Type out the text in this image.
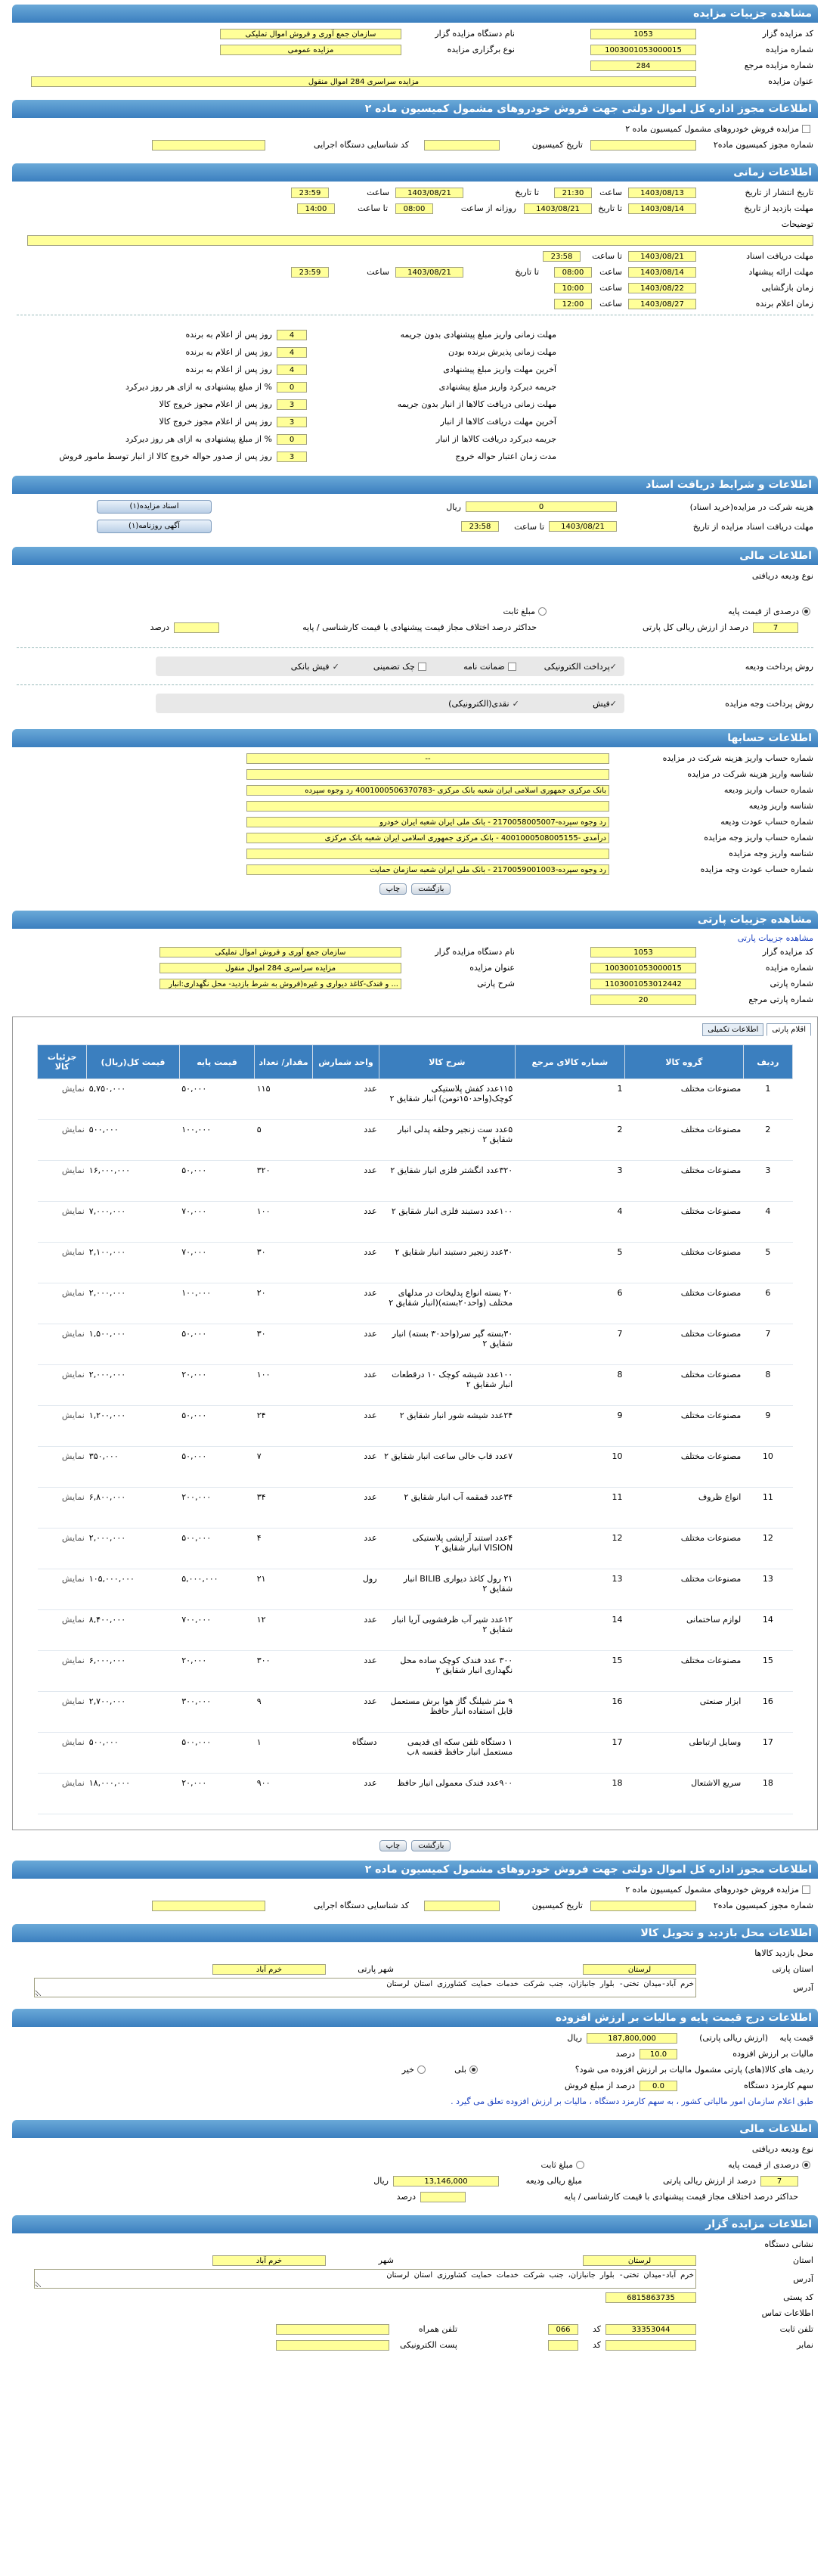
مشاهده جزییات مزایده
کد مزایده گزار
1053
نام دستگاه مزایده گزار
سازمان جمع آوری و فروش اموال تملیکی
شماره مزایده
1003001053000015
نوع برگزاری مزایده
مزایده عمومی
شماره مزایده مرجع
284
عنوان مزایده
مزایده سراسری 284 اموال منقول
اطلاعات مجوز اداره کل اموال دولتی جهت فروش خودروهای مشمول کمیسیون ماده ۲
مزایده فروش خودروهای مشمول کمیسیون ماده ۲
شماره مجوز کمیسیون ماده۲
تاریخ کمیسیون
کد شناسایی دستگاه اجرایی
اطلاعات زمانی
تاریخ انتشار از تاریخ
1403/08/13
ساعت
21:30
تا تاریخ
1403/08/21
ساعت
23:59
مهلت بازدید از تاریخ
1403/08/14
تا تاریخ
1403/08/21
روزانه از ساعت
08:00
تا ساعت
14:00
توضیحات
مهلت دریافت اسناد
1403/08/21
تا ساعت
23:58
مهلت ارائه پیشنهاد
1403/08/14
ساعت
08:00
تا تاریخ
1403/08/21
ساعت
23:59
زمان بازگشایی
1403/08/22
ساعت
10:00
زمان اعلام برنده
1403/08/27
ساعت
12:00
مهلت زمانی واریز مبلغ پیشنهادی بدون جریمه
4
روز پس از اعلام به برنده
مهلت زمانی پذیرش برنده بودن
4
روز پس از اعلام به برنده
آخرین مهلت واریز مبلغ پیشنهادی
4
روز پس از اعلام به برنده
جریمه دیرکرد واریز مبلغ پیشنهادی
0
% از مبلغ پیشنهادی به ازای هر روز دیرکرد
مهلت زمانی دریافت کالاها از انبار بدون جریمه
3
روز پس از اعلام مجوز خروج کالا
آخرین مهلت دریافت کالاها از انبار
3
روز پس از اعلام مجوز خروج کالا
جریمه دیرکرد دریافت کالاها از انبار
0
% از مبلغ پیشنهادی به ازای هر روز دیرکرد
مدت زمان اعتبار حواله خروج
3
روز پس از صدور حواله خروج کالا از انبار توسط مامور فروش
اطلاعات و شرایط دریافت اسناد
هزینه شرکت در مزایده(خرید اسناد)
0
ریال
اسناد مزایده(۱)
مهلت دریافت اسناد مزایده از تاریخ
1403/08/21
تا ساعت
23:58
آگهی روزنامه(۱)
اطلاعات مالی
نوع ودیعه دریافتی
درصدی از قیمت پایه
مبلغ ثابت
7
درصد از ارزش ریالی کل پارتی
حداکثر درصد اختلاف مجاز قیمت پیشنهادی با قیمت کارشناسی / پایه
درصد
روش پرداخت ودیعه
✓
پرداخت الکترونیکی
ضمانت نامه
چک تضمینی
✓
فیش بانکی
روش پرداخت وجه مزایده
✓
فیش
✓
نقدی(الکترونیکی)
اطلاعات حسابها
شماره حساب واریز هزینه شرکت در مزایده
--
شناسه واریز هزینه شرکت در مزایده
شماره حساب واریز ودیعه
بانک مرکزی جمهوری اسلامی ایران شعبه بانک مرکزی -4001000506370783 رد وجوه سپرده
شناسه واریز ودیعه
شماره حساب عودت ودیعه
رد وجوه سپرده-2170058005007 - بانک ملی ایران شعبه ایران خودرو
شماره حساب واریز وجه مزایده
درآمدی -4001000508005155 - بانک مرکزی جمهوری اسلامی ایران شعبه بانک مرکزی
شناسه واریز وجه مزایده
شماره حساب عودت وجه مزایده
رد وجوه سپرده-2170059001003 - بانک ملی ایران شعبه سازمان حمایت
بازگشت
چاپ
مشاهده جزییات پارتی
مشاهده جزییات پارتی
کد مزایده گزار
1053
نام دستگاه مزایده گزار
سازمان جمع آوری و فروش اموال تملیکی
شماره مزایده
1003001053000015
عنوان مزایده
مزایده سراسری 284 اموال منقول
شماره پارتی
1103001053012442
شرح پارتی
... و فندک-کاغذ دیواری و غیره(فروش به شرط بازدید- محل نگهداری:انبار
شماره پارتی مرجع
20
اقلام پارتیاطلاعات تکمیلی
ردیف	گروه کالا	شماره کالای مرجع	شرح کالا	واحد شمارش	مقدار/ تعداد	قیمت پایه	قیمت کل(ریال)	جزئیات کالا
1	مصنوعات مختلف	1	۱۱۵عدد کفش پلاستیکی کوچک(واحد۱۵۰تومن) انبار شقایق ۲	عدد	۱۱۵	۵۰,۰۰۰	۵,۷۵۰,۰۰۰	نمایش
2	مصنوعات مختلف	2	۵عدد ست زنجیر وحلقه پدلی انبار شقایق ۲	عدد	۵	۱۰۰,۰۰۰	۵۰۰,۰۰۰	نمایش
3	مصنوعات مختلف	3	۳۲۰عدد انگشتر فلزی انبار شقایق ۲	عدد	۳۲۰	۵۰,۰۰۰	۱۶,۰۰۰,۰۰۰	نمایش
4	مصنوعات مختلف	4	۱۰۰عدد دستبند فلزی انبار شقایق ۲	عدد	۱۰۰	۷۰,۰۰۰	۷,۰۰۰,۰۰۰	نمایش
5	مصنوعات مختلف	5	۳۰عدد زنجیر دستبند انبار شقایق ۲	عدد	۳۰	۷۰,۰۰۰	۲,۱۰۰,۰۰۰	نمایش
6	مصنوعات مختلف	6	۲۰ بسته انواع پدلیخات در مدلهای مختلف (واحد۲۰بسته)(انبار شقایق ۲	عدد	۲۰	۱۰۰,۰۰۰	۲,۰۰۰,۰۰۰	نمایش
7	مصنوعات مختلف	7	۳۰بسته گیر سر(واحد۳۰ بسته) انبار شقایق ۲	عدد	۳۰	۵۰,۰۰۰	۱,۵۰۰,۰۰۰	نمایش
8	مصنوعات مختلف	8	۱۰۰عدد شیشه کوچک ۱۰ درقطعات انبار شقایق ۲	عدد	۱۰۰	۲۰,۰۰۰	۲,۰۰۰,۰۰۰	نمایش
9	مصنوعات مختلف	9	۲۴عدد شیشه شور انبار شقایق ۲	عدد	۲۴	۵۰,۰۰۰	۱,۲۰۰,۰۰۰	نمایش
10	مصنوعات مختلف	10	۷عدد قاب خالی ساعت انبار شقایق ۲	عدد	۷	۵۰,۰۰۰	۳۵۰,۰۰۰	نمایش
11	انواع ظروف	11	۳۴عدد قمقمه آب انبار شقایق ۲	عدد	۳۴	۲۰۰,۰۰۰	۶,۸۰۰,۰۰۰	نمایش
12	مصنوعات مختلف	12	۴عدد استند آرایشی پلاستیکی VISION انبار شقایق ۲	عدد	۴	۵۰۰,۰۰۰	۲,۰۰۰,۰۰۰	نمایش
13	مصنوعات مختلف	13	۲۱ رول کاغذ دیواری BILIB انبار شقایق ۲	رول	۲۱	۵,۰۰۰,۰۰۰	۱۰۵,۰۰۰,۰۰۰	نمایش
14	لوازم ساختمانی	14	۱۲عدد شیر آب ظرفشویی آریا انبار شقایق ۲	عدد	۱۲	۷۰۰,۰۰۰	۸,۴۰۰,۰۰۰	نمایش
15	مصنوعات مختلف	15	۳۰۰ عدد فندک کوچک ساده محل نگهداری انبار شقایق ۲	عدد	۳۰۰	۲۰,۰۰۰	۶,۰۰۰,۰۰۰	نمایش
16	ابزار صنعتی	16	۹ متر شیلنگ گاز هوا برش مستعمل قابل استفاده انبار حافظ	عدد	۹	۳۰۰,۰۰۰	۲,۷۰۰,۰۰۰	نمایش
17	وسایل ارتباطی	17	۱ دستگاه تلفن سکه ای قدیمی مستعمل انبار حافظ قفسه ۸ب	دستگاه	۱	۵۰۰,۰۰۰	۵۰۰,۰۰۰	نمایش
18	سریع الاشتعال	18	۹۰۰عدد فندک معمولی انبار حافظ	عدد	۹۰۰	۲۰,۰۰۰	۱۸,۰۰۰,۰۰۰	نمایش
بازگشت
چاپ
اطلاعات مجوز اداره کل اموال دولتی جهت فروش خودروهای مشمول کمیسیون ماده ۲
مزایده فروش خودروهای مشمول کمیسیون ماده ۲
شماره مجوز کمیسیون ماده۲
تاریخ کمیسیون
کد شناسایی دستگاه اجرایی
اطلاعات محل بازدید و تحویل کالا
محل بازدید کالاها
استان پارتی
لرستان
شهر پارتی
خرم آباد
آدرس
خرم آباد-میدان تختی- بلوار جانبازان، جنب شرکت خدمات حمایت کشاورزی استان لرستان
اطلاعات درج قیمت پایه و مالیات بر ارزش افزوده
قیمت پایه
(ارزش ریالی پارتی)
187,800,000
ریال
مالیات بر ارزش افزوده
10.0
درصد
ردیف های کالا(های) پارتی مشمول مالیات بر ارزش افزوده می شود؟
بلی
خیر
سهم کارمزد دستگاه
0.0
درصد از مبلغ فروش
طبق اعلام سازمان امور مالیاتی کشور ، به سهم کارمزد دستگاه ، مالیات بر ارزش افزوده تعلق می گیرد .
اطلاعات مالی
نوع ودیعه دریافتی
درصدی از قیمت پایه
مبلغ ثابت
7
درصد از ارزش ریالی پارتی
مبلغ ریالی ودیعه
13,146,000
ریال
حداکثر درصد اختلاف مجاز قیمت پیشنهادی با قیمت کارشناسی / پایه
درصد
اطلاعات مزایده گزار
نشانی دستگاه
استان
لرستان
شهر
خرم آباد
آدرس
خرم آباد-میدان تختی- بلوار جانبازان، جنب شرکت خدمات حمایت کشاورزی استان لرستان
کد پستی
6815863735
اطلاعات تماس
تلفن ثابت
33353044
کد
066
تلفن همراه
نمابر
کد
پست الکترونیکی
